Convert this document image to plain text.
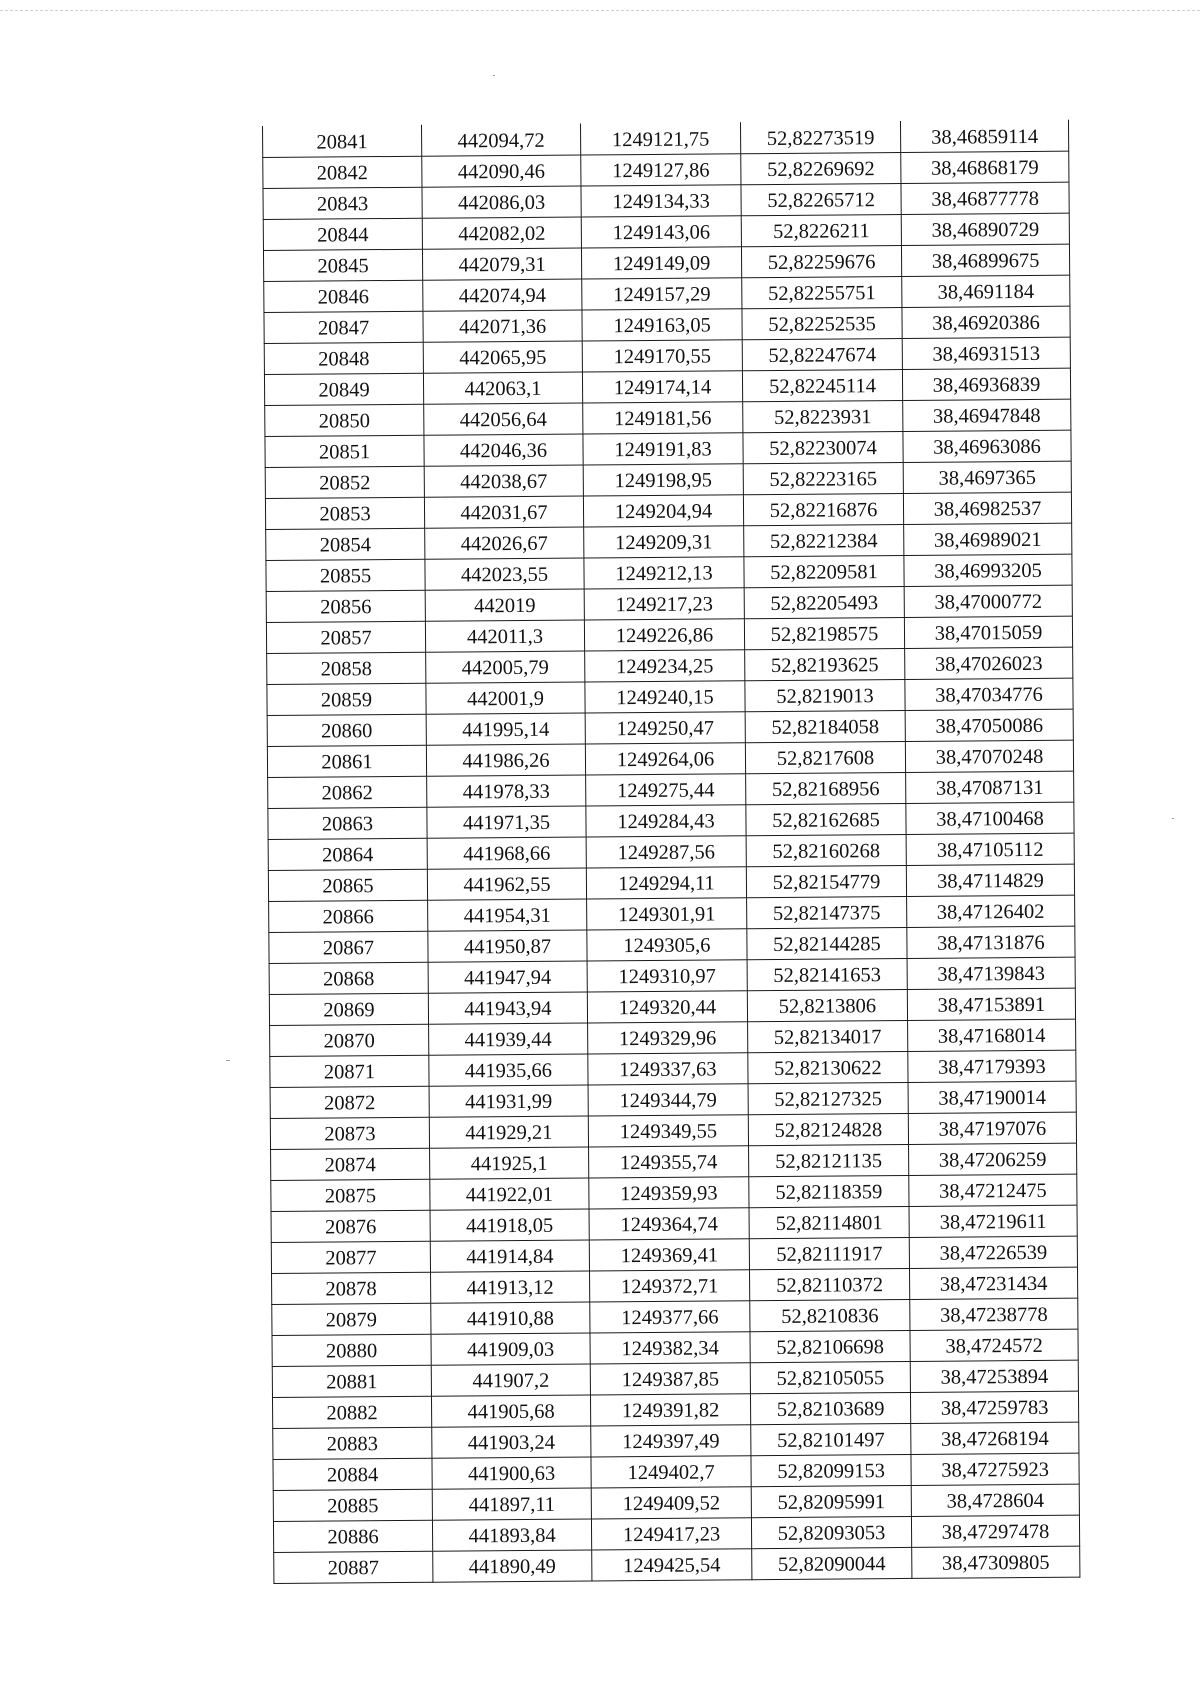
20841	442094,72	1249121,75	52,82273519	38,46859114
20842	442090,46	1249127,86	52,82269692	38,46868179
20843	442086,03	1249134,33	52,82265712	38,46877778
20844	442082,02	1249143,06	52,8226211	38,46890729
20845	442079,31	1249149,09	52,82259676	38,46899675
20846	442074,94	1249157,29	52,82255751	38,4691184
20847	442071,36	1249163,05	52,82252535	38,46920386
20848	442065,95	1249170,55	52,82247674	38,46931513
20849	442063,1	1249174,14	52,82245114	38,46936839
20850	442056,64	1249181,56	52,8223931	38,46947848
20851	442046,36	1249191,83	52,82230074	38,46963086
20852	442038,67	1249198,95	52,82223165	38,4697365
20853	442031,67	1249204,94	52,82216876	38,46982537
20854	442026,67	1249209,31	52,82212384	38,46989021
20855	442023,55	1249212,13	52,82209581	38,46993205
20856	442019	1249217,23	52,82205493	38,47000772
20857	442011,3	1249226,86	52,82198575	38,47015059
20858	442005,79	1249234,25	52,82193625	38,47026023
20859	442001,9	1249240,15	52,8219013	38,47034776
20860	441995,14	1249250,47	52,82184058	38,47050086
20861	441986,26	1249264,06	52,8217608	38,47070248
20862	441978,33	1249275,44	52,82168956	38,47087131
20863	441971,35	1249284,43	52,82162685	38,47100468
20864	441968,66	1249287,56	52,82160268	38,47105112
20865	441962,55	1249294,11	52,82154779	38,47114829
20866	441954,31	1249301,91	52,82147375	38,47126402
20867	441950,87	1249305,6	52,82144285	38,47131876
20868	441947,94	1249310,97	52,82141653	38,47139843
20869	441943,94	1249320,44	52,8213806	38,47153891
20870	441939,44	1249329,96	52,82134017	38,47168014
20871	441935,66	1249337,63	52,82130622	38,47179393
20872	441931,99	1249344,79	52,82127325	38,47190014
20873	441929,21	1249349,55	52,82124828	38,47197076
20874	441925,1	1249355,74	52,82121135	38,47206259
20875	441922,01	1249359,93	52,82118359	38,47212475
20876	441918,05	1249364,74	52,82114801	38,47219611
20877	441914,84	1249369,41	52,82111917	38,47226539
20878	441913,12	1249372,71	52,82110372	38,47231434
20879	441910,88	1249377,66	52,8210836	38,47238778
20880	441909,03	1249382,34	52,82106698	38,4724572
20881	441907,2	1249387,85	52,82105055	38,47253894
20882	441905,68	1249391,82	52,82103689	38,47259783
20883	441903,24	1249397,49	52,82101497	38,47268194
20884	441900,63	1249402,7	52,82099153	38,47275923
20885	441897,11	1249409,52	52,82095991	38,4728604
20886	441893,84	1249417,23	52,82093053	38,47297478
20887	441890,49	1249425,54	52,82090044	38,47309805
